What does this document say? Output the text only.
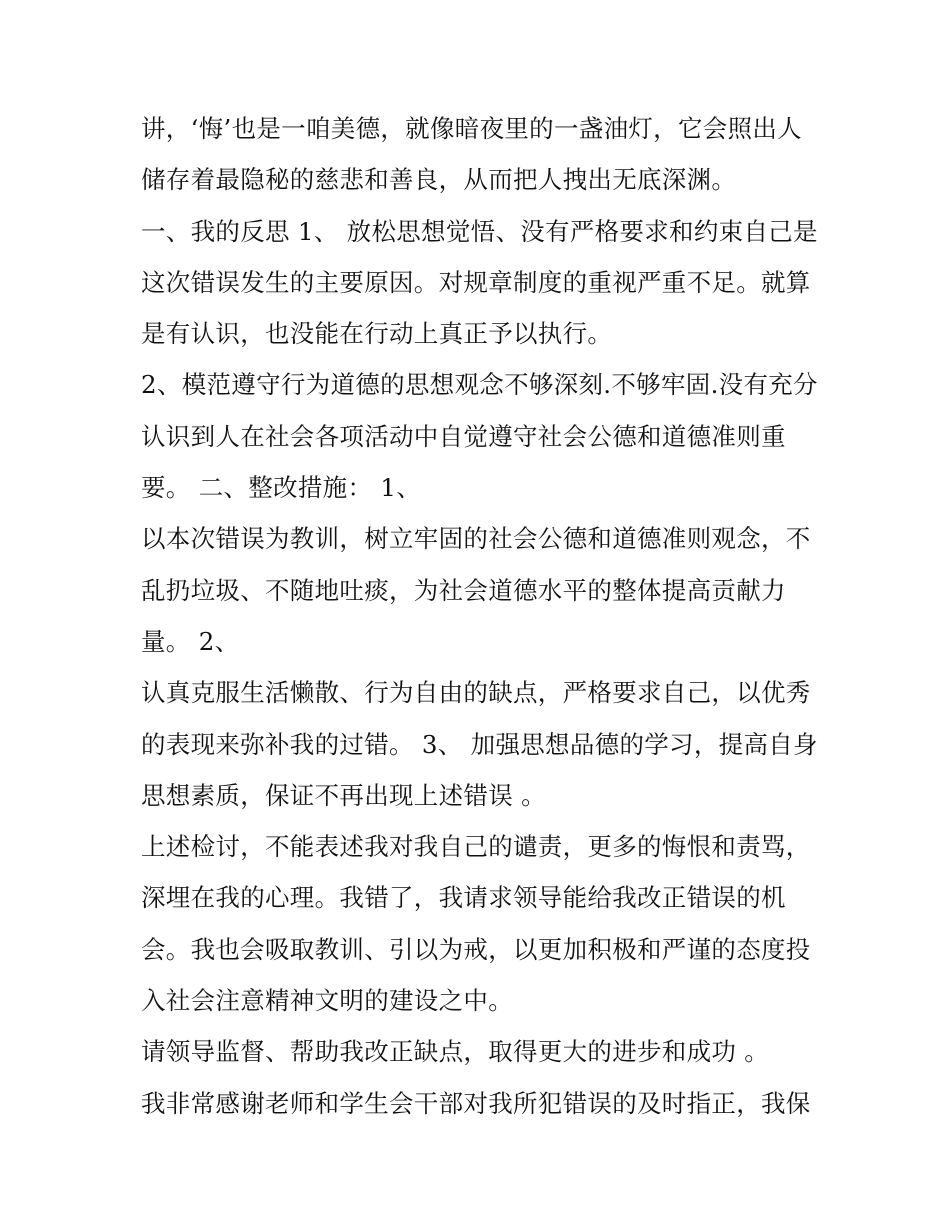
讲，‘悔’也是一咱美德，就像暗夜里的一盏油灯，它会照出人
储存着最隐秘的慈悲和善良，从而把人拽出无底深渊。
一、我的反思 1、 放松思想觉悟、没有严格要求和约束自己是
这次错误发生的主要原因。对规章制度的重视严重不足。就算
是有认识，也没能在行动上真正予以执行。
2、模范遵守行为道德的思想观念不够深刻.不够牢固.没有充分
认识到人在社会各项活动中自觉遵守社会公德和道德准则重
要。 二、整改措施： 1、
以本次错误为教训，树立牢固的社会公德和道德准则观念，不
乱扔垃圾、不随地吐痰，为社会道德水平的整体提高贡献力
量。 2、
认真克服生活懒散、行为自由的缺点，严格要求自己，以优秀
的表现来弥补我的过错。 3、 加强思想品德的学习，提高自身
思想素质，保证不再出现上述错误 。
上述检讨，不能表述我对我自己的谴责，更多的悔恨和责骂，
深埋在我的心理。我错了，我请求领导能给我改正错误的机
会。我也会吸取教训、引以为戒，以更加积极和严谨的态度投
入社会注意精神文明的建设之中。
请领导监督、帮助我改正缺点，取得更大的进步和成功 。
我非常感谢老师和学生会干部对我所犯错误的及时指正，我保
